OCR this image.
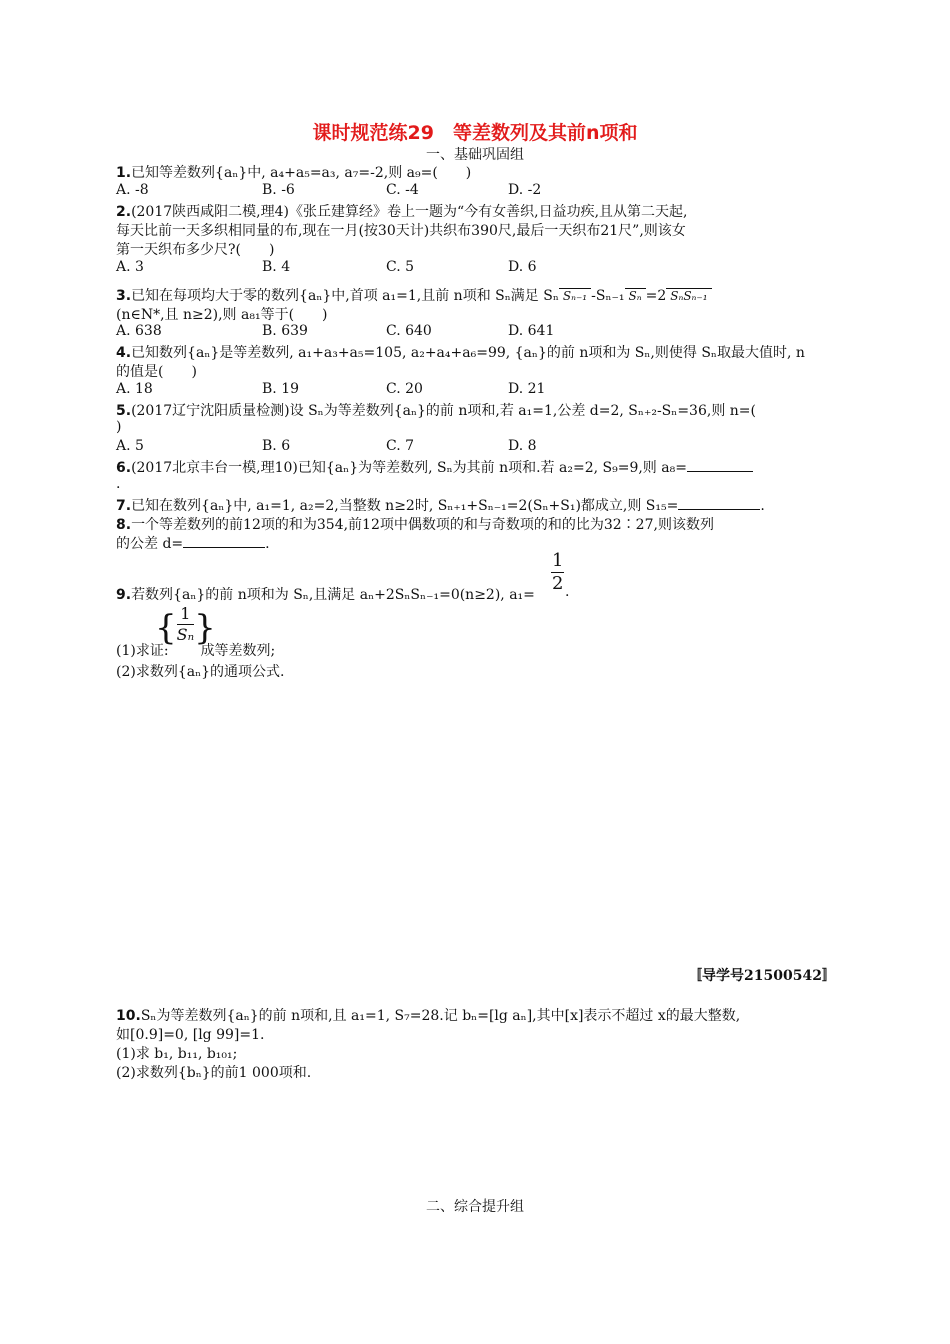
课时规范练29　等差数列及其前n项和
一、基础巩固组
1.已知等差数列{aₙ}中, a₄+a₅=a₃, a₇=-2,则 a₉=(　　)
A. -8	B. -6	C. -4	D. -2
2.(2017陕西咸阳二模,理4)《张丘建算经》卷上一题为“今有女善织,日益功疾,且从第二天起,
每天比前一天多织相同量的布,现在一月(按30天计)共织布390尺,最后一天织布21尺”,则该女
第一天织布多少尺?(　　)
A. 3	B. 4	C. 5	D. 6
3.已知在每项均大于零的数列{aₙ}中,首项 a₁=1,且前 n项和 Sₙ满足 Sₙ Sₙ₋₁ -Sₙ₋₁ Sₙ =2 SₙSₙ₋₁
(n∈N*,且 n≥2),则 a₈₁等于(　　)
A. 638	B. 639	C. 640	D. 641
4.已知数列{aₙ}是等差数列, a₁+a₃+a₅=105, a₂+a₄+a₆=99, {aₙ}的前 n项和为 Sₙ,则使得 Sₙ取最大值时, n
的值是(　　)
A. 18	B. 19	C. 20	D. 21
5.(2017辽宁沈阳质量检测)设 Sₙ为等差数列{aₙ}的前 n项和,若 a₁=1,公差 d=2, Sₙ₊₂-Sₙ=36,则 n=(
)
A. 5	B. 6	C. 7	D. 8
6.(2017北京丰台一模,理10)已知{aₙ}为等差数列, Sₙ为其前 n项和.若 a₂=2, S₉=9,则 a₈=
.
7.已知在数列{aₙ}中, a₁=1, a₂=2,当整数 n≥2时, Sₙ₊₁+Sₙ₋₁=2(Sₙ+S₁)都成立,则 S₁₅=	.
8.一个等差数列的前12项的和为354,前12项中偶数项的和与奇数项的和的比为32∶27,则该数列
的公差 d=	.
9.若数列{aₙ}的前 n项和为 Sₙ,且满足 aₙ+2SₙSₙ₋₁=0(n≥2), $a_1= \frac{1}{2}$ .
(1)求证: 成等差数列;
{ $\frac{1}{\text{Sₙ}}$ }
(2)求数列{aₙ}的通项公式.
〚导学号21500542〛
10.Sₙ为等差数列{aₙ}的前 n项和,且 a₁=1, S₇=28.记 bₙ=[lg aₙ],其中[x]表示不超过 x的最大整数,
如[0.9]=0, [lg 99]=1.
(1)求 b₁, b₁₁, b₁₀₁;
(2)求数列{bₙ}的前1 000项和.
二、综合提升组
